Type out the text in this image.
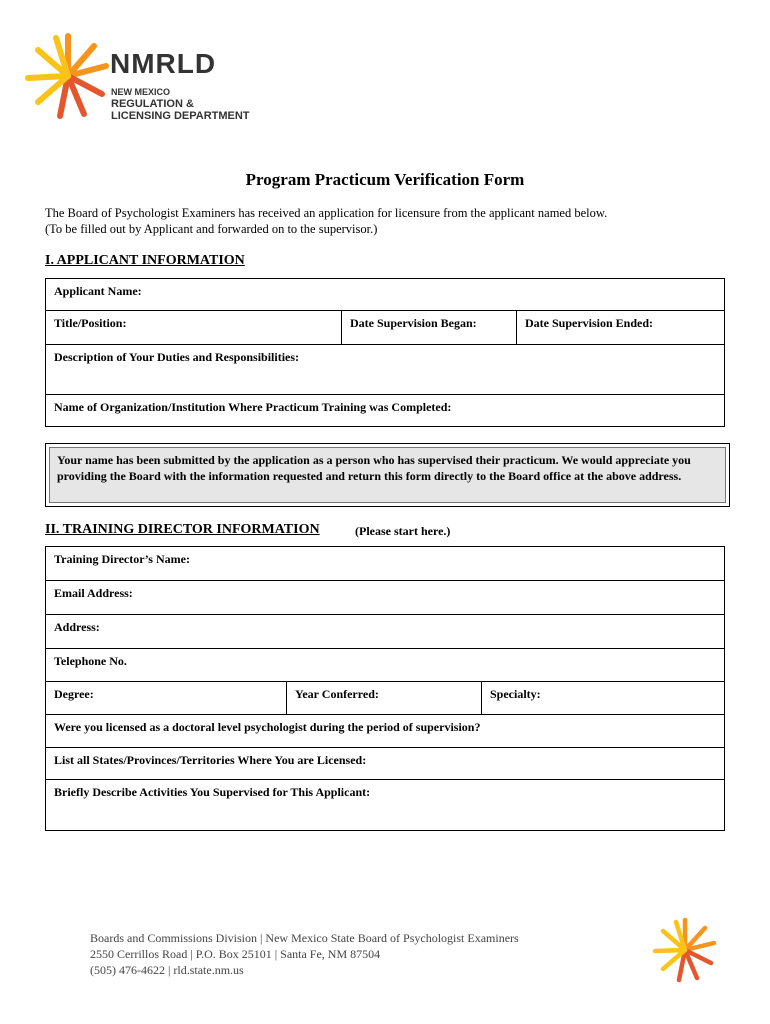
NMRLD
NEW MEXICO
REGULATION &
LICENSING DEPARTMENT
Program Practicum Verification Form
The Board of Psychologist Examiners has received an application for licensure from the applicant named below.
(To be filled out by Applicant and forwarded on to the supervisor.)
I. APPLICANT INFORMATION
Applicant Name:
Title/Position:	Date Supervision Began:	Date Supervision Ended:
Description of Your Duties and Responsibilities:
Name of Organization/Institution Where Practicum Training was Completed:
Your name has been submitted by the application as a person who has supervised their practicum. We would appreciate you providing the Board with the information requested and return this form directly to the Board office at the above address.
II. TRAINING DIRECTOR INFORMATION	(Please start here.)
Training Director’s Name:
Email Address:
Address:
Telephone No.
Degree:	Year Conferred:	Specialty:
Were you licensed as a doctoral level psychologist during the period of supervision?
List all States/Provinces/Territories Where You are Licensed:
Briefly Describe Activities You Supervised for This Applicant:
Boards and Commissions Division | New Mexico State Board of Psychologist Examiners
2550 Cerrillos Road | P.O. Box 25101 | Santa Fe, NM 87504
(505) 476-4622 | rld.state.nm.us
